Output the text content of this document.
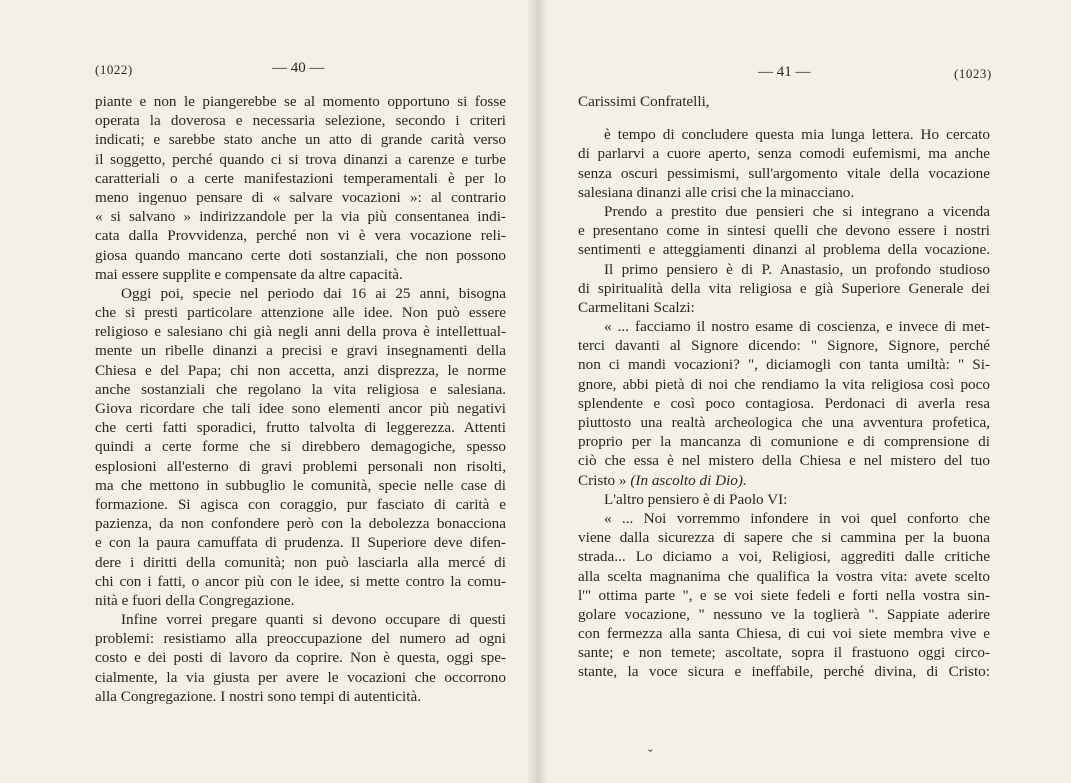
(1022)	— 40 —	— 41 —	(1023)
piante e non le piangerebbe se al momento opportuno si fosse
operata la doverosa e necessaria selezione, secondo i criteri
indicati; e sarebbe stato anche un atto di grande carità verso
il soggetto, perché quando ci si trova dinanzi a carenze e turbe
caratteriali o a certe manifestazioni temperamentali è per lo
meno ingenuo pensare di « salvare vocazioni »: al contrario
« si salvano » indirizzandole per la via più consentanea indi-
cata dalla Provvidenza, perché non vi è vera vocazione reli-
giosa quando mancano certe doti sostanziali, che non possono
mai essere supplite e compensate da altre capacità.
Oggi poi, specie nel periodo dai 16 ai 25 anni, bisogna
che si presti particolare attenzione alle idee. Non può essere
religioso e salesiano chi già negli anni della prova è intellettual-
mente un ribelle dinanzi a precisi e gravi insegnamenti della
Chiesa e del Papa; chi non accetta, anzi disprezza, le norme
anche sostanziali che regolano la vita religiosa e salesiana.
Giova ricordare che tali idee sono elementi ancor più negativi
che certi fatti sporadici, frutto talvolta di leggerezza. Attenti
quindi a certe forme che si direbbero demagogiche, spesso
esplosioni all'esterno di gravi problemi personali non risolti,
ma che mettono in subbuglio le comunità, specie nelle case di
formazione. Si agisca con coraggio, pur fasciato di carità e
pazienza, da non confondere però con la debolezza bonacciona
e con la paura camuffata di prudenza. Il Superiore deve difen-
dere i diritti della comunità; non può lasciarla alla mercé di
chi con i fatti, o ancor più con le idee, si mette contro la comu-
nità e fuori della Congregazione.
Infine vorrei pregare quanti si devono occupare di questi
problemi: resistiamo alla preoccupazione del numero ad ogni
costo e dei posti di lavoro da coprire. Non è questa, oggi spe-
cialmente, la via giusta per avere le vocazioni che occorrono
alla Congregazione. I nostri sono tempi di autenticità.
Carissimi Confratelli,
è tempo di concludere questa mia lunga lettera. Ho cercato
di parlarvi a cuore aperto, senza comodi eufemismi, ma anche
senza oscuri pessimismi, sull'argomento vitale della vocazione
salesiana dinanzi alle crisi che la minacciano.
Prendo a prestito due pensieri che si integrano a vicenda
e presentano come in sintesi quelli che devono essere i nostri
sentimenti e atteggiamenti dinanzi al problema della vocazione.
Il primo pensiero è di P. Anastasio, un profondo studioso
di spiritualità della vita religiosa e già Superiore Generale dei
Carmelitani Scalzi:
« ... facciamo il nostro esame di coscienza, e invece di met-
terci davanti al Signore dicendo: " Signore, Signore, perché
non ci mandi vocazioni? ", diciamogli con tanta umiltà: " Si-
gnore, abbi pietà di noi che rendiamo la vita religiosa così poco
splendente e così poco contagiosa. Perdonaci di averla resa
piuttosto una realtà archeologica che una avventura profetica,
proprio per la mancanza di comunione e di comprensione di
ciò che essa è nel mistero della Chiesa e nel mistero del tuo
Cristo » (In ascolto di Dio).
L'altro pensiero è di Paolo VI:
« ... Noi vorremmo infondere in voi quel conforto che
viene dalla sicurezza di sapere che si cammina per la buona
strada... Lo diciamo a voi, Religiosi, aggrediti dalle critiche
alla scelta magnanima che qualifica la vostra vita: avete scelto
l'" ottima parte ", e se voi siete fedeli e forti nella vostra sin-
golare vocazione, " nessuno ve la toglierà ". Sappiate aderire
con fermezza alla santa Chiesa, di cui voi siete membra vive e
sante; e non temete; ascoltate, sopra il frastuono oggi circo-
stante, la voce sicura e ineffabile, perché divina, di Cristo:
˘
